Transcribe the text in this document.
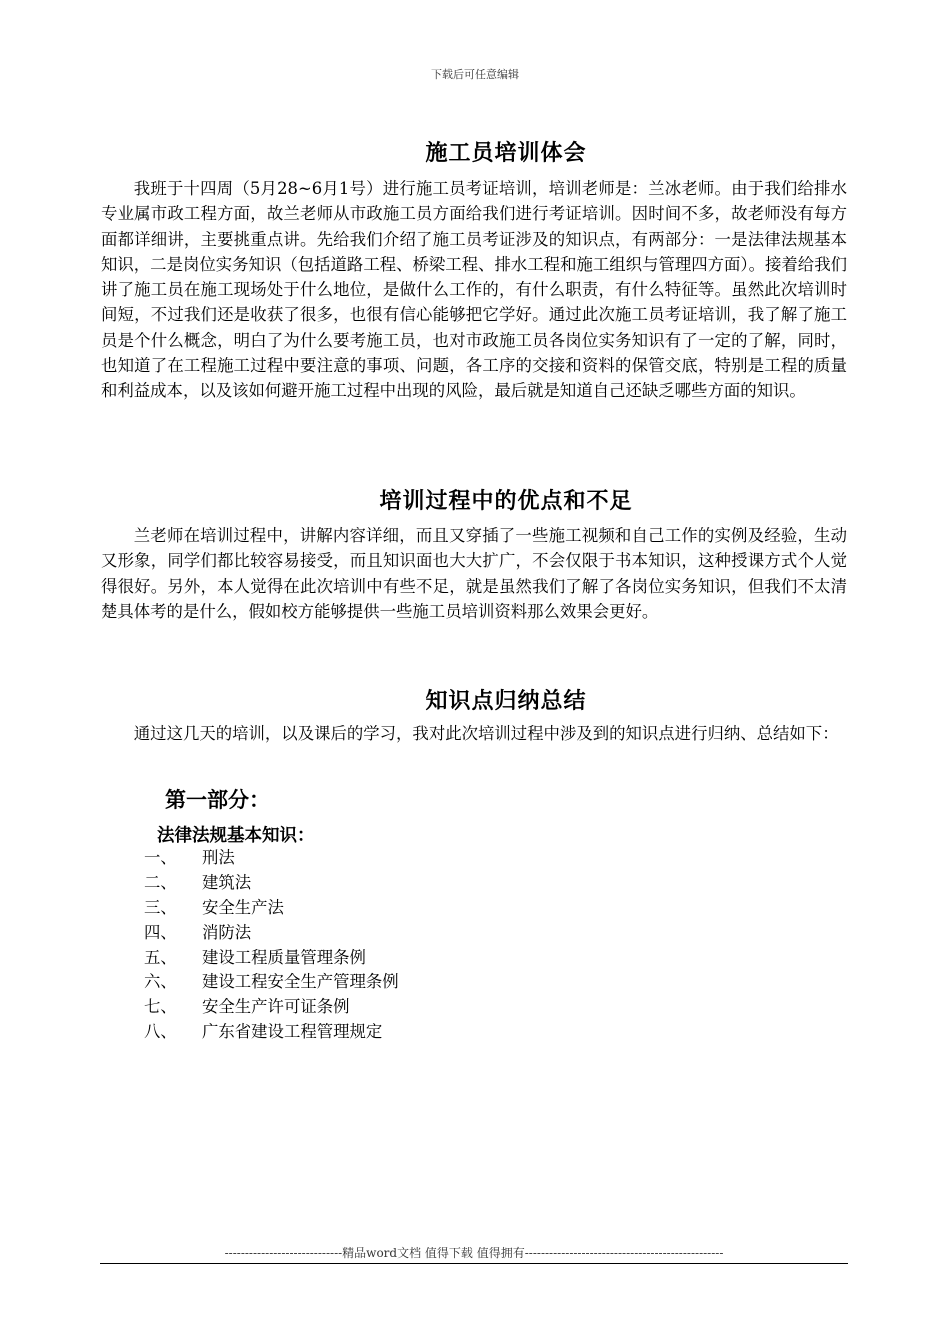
下载后可任意编辑
施工员培训体会

我班于十四周（5月28~6月1号）进行施工员考证培训，培训老师是：兰冰老师。由于我们给排水专业属市政工程方面，故兰老师从市政施工员方面给我们进行考证培训。因时间不多，故老师没有每方面都详细讲，主要挑重点讲。先给我们介绍了施工员考证涉及的知识点，有两部分：一是法律法规基本知识，二是岗位实务知识（包括道路工程、桥梁工程、排水工程和施工组织与管理四方面）。接着给我们讲了施工员在施工现场处于什么地位，是做什么工作的，有什么职责，有什么特征等。虽然此次培训时间短，不过我们还是收获了很多，也很有信心能够把它学好。通过此次施工员考证培训，我了解了施工员是个什么概念，明白了为什么要考施工员，也对市政施工员各岗位实务知识有了一定的了解，同时，也知道了在工程施工过程中要注意的事项、问题，各工序的交接和资料的保管交底，特别是工程的质量和利益成本，以及该如何避开施工过程中出现的风险，最后就是知道自己还缺乏哪些方面的知识。

培训过程中的优点和不足

兰老师在培训过程中，讲解内容详细，而且又穿插了一些施工视频和自己工作的实例及经验，生动又形象，同学们都比较容易接受，而且知识面也大大扩广，不会仅限于书本知识，这种授课方式个人觉得很好。另外，本人觉得在此次培训中有些不足，就是虽然我们了解了各岗位实务知识，但我们不太清楚具体考的是什么，假如校方能够提供一些施工员培训资料那么效果会更好。

知识点归纳总结

通过这几天的培训，以及课后的学习，我对此次培训过程中涉及到的知识点进行归纳、总结如下：

第一部分：
法律法规基本知识：
一、	刑法
二、	建筑法
三、	安全生产法
四、	消防法
五、	建设工程质量管理条例
六、	建设工程安全生产管理条例
七、	安全生产许可证条例
八、	广东省建设工程管理规定
-----------------------------精品word文档 值得下载 值得拥有-------------------------------------------------
